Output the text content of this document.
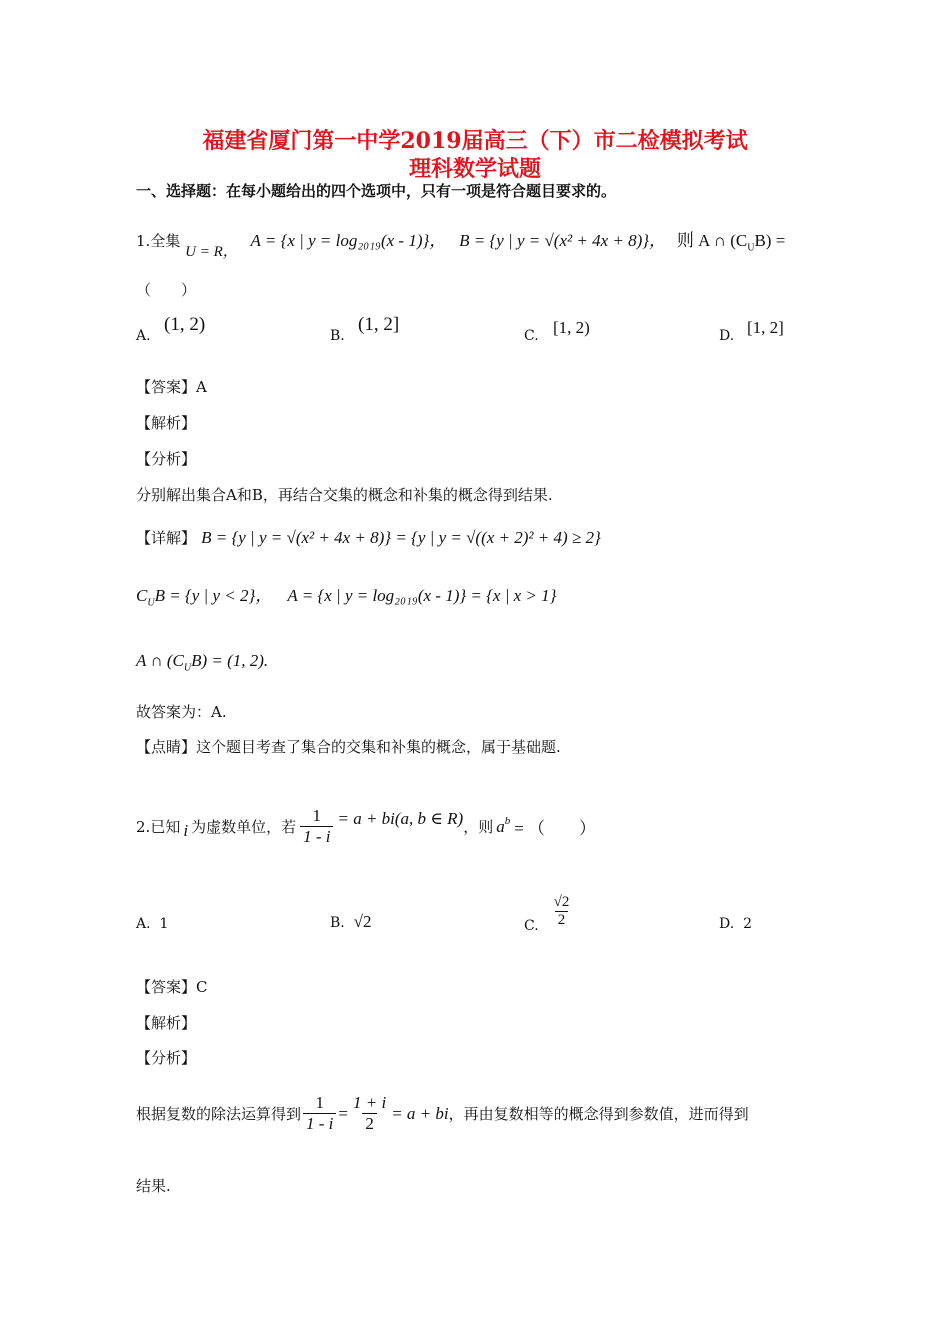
福建省厦门第一中学2019届高三（下）市二检模拟考试
理科数学试题
一、选择题：在每小题给出的四个选项中，只有一项是符合题目要求的。
1.全集 U = R， A = {x | y = log₂₀₁₉(x - 1)}， B = {y | y = √(x² + 4x + 8)}， 则 A ∩ $(C_UB)$ =
（　　）
A.
(1, 2)
B.
(1, 2]
C. [1, 2)	D. [1, 2]
【答案】A
【解析】
【分析】
分别解出集合A和B，再结合交集的概念和补集的概念得到结果.
【详解】 B = {y | y = √(x² + 4x + 8)} = {y | y = √((x + 2)² + 4) ≥ 2}
$C_UB = \{y$ | y < 2}， A = {x | y = log₂₀₁₉(x - 1)} = {x | x > 1}
A ∩ $(C_UB) = (1$, 2).
故答案为：A.
【点睛】这个题目考查了集合的交集和补集的概念，属于基础题.
2. 已知 i 为虚数单位，若 $\frac{1}{1 - i} = a + bi(a$, b ∈ R) ，则 $a^b$ = （　　）
A. 1	B. √2	C. $\frac{√2}{2}$	D. 2
【答案】C
【解析】
【分析】
根据复数的除法运算得到 $\frac{1}{1 - i} = \frac{1 + i}{2} = a$ + bi ，再由复数相等的概念得到参数值，进而得到
结果.
